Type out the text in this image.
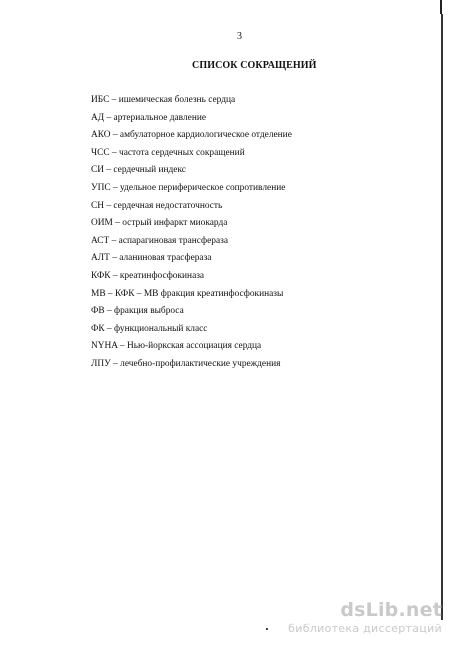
3
СПИСОК СОКРАЩЕНИЙ
ИБС – ишемическая болезнь сердца
АД – артериальное давление
АКО – амбулаторное кардиологическое отделение
ЧСС – частота сердечных сокращений
СИ – сердечный индекс
УПС – удельное периферическое сопротивление
СН – сердечная недостаточность
ОИМ – острый инфаркт миокарда
АСТ – аспарагиновая трансфераза
АЛТ – аланиновая трасфераза
КФК – креатинфосфокиназа
МВ – КФК – МВ фракция креатинфосфокиназы
ФВ – фракция выброса
ФК – функциональный класс
NYHA – Нью-йоркская ассоциация сердца
ЛПУ – лечебно-профилактические учреждения
dsLib.net
библиотека диссертаций
